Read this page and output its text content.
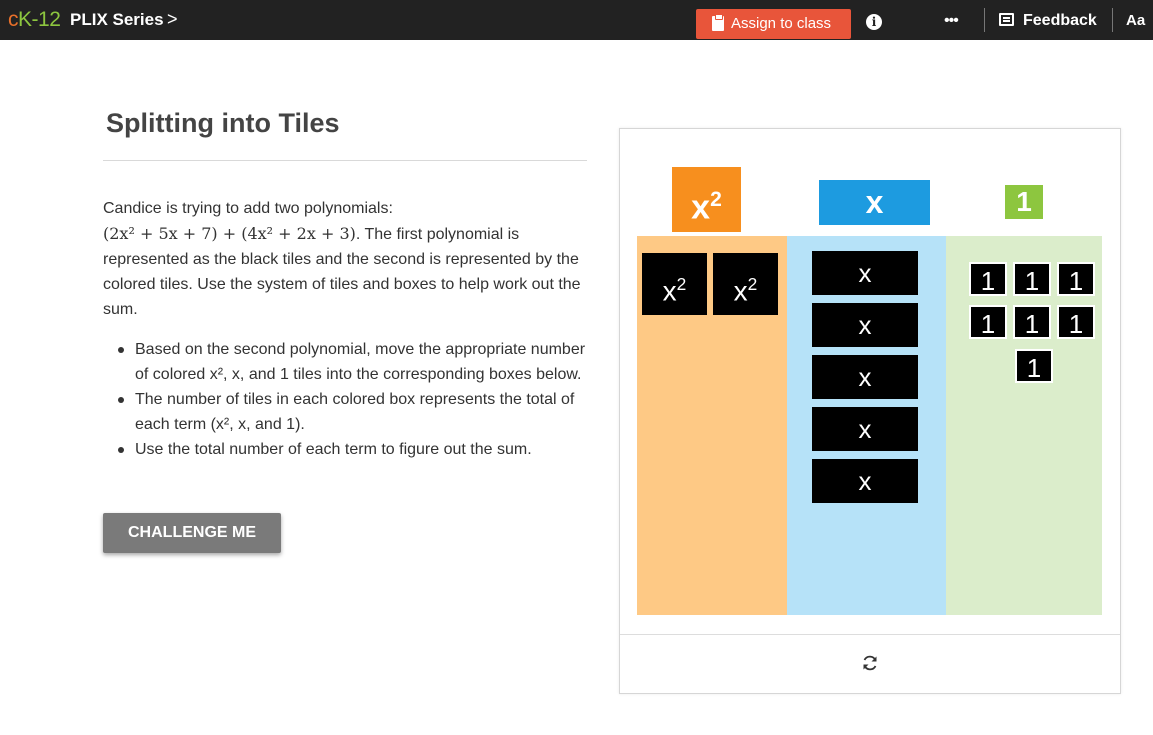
cK-12 PLIX Series >	Assign to class	i	•••	Feedback Aa
Splitting into Tiles
Candice is trying to add two polynomials:
(2x² + 5x + 7) + (4x² + 2x + 3). The first polynomial is represented as the black tiles and the second is represented by the colored tiles. Use the system of tiles and boxes to help work out the sum.
Based on the second polynomial, move the appropriate number of colored x², x, and 1 tiles into the corresponding boxes below.
The number of tiles in each colored box represents the total of each term (x², x, and 1).
Use the total number of each term to figure out the sum.
CHALLENGE ME
$x^2$	x	1
$x^2$	$x^2$	x
x
x
x
x
1	1	1
1	1	1
1
